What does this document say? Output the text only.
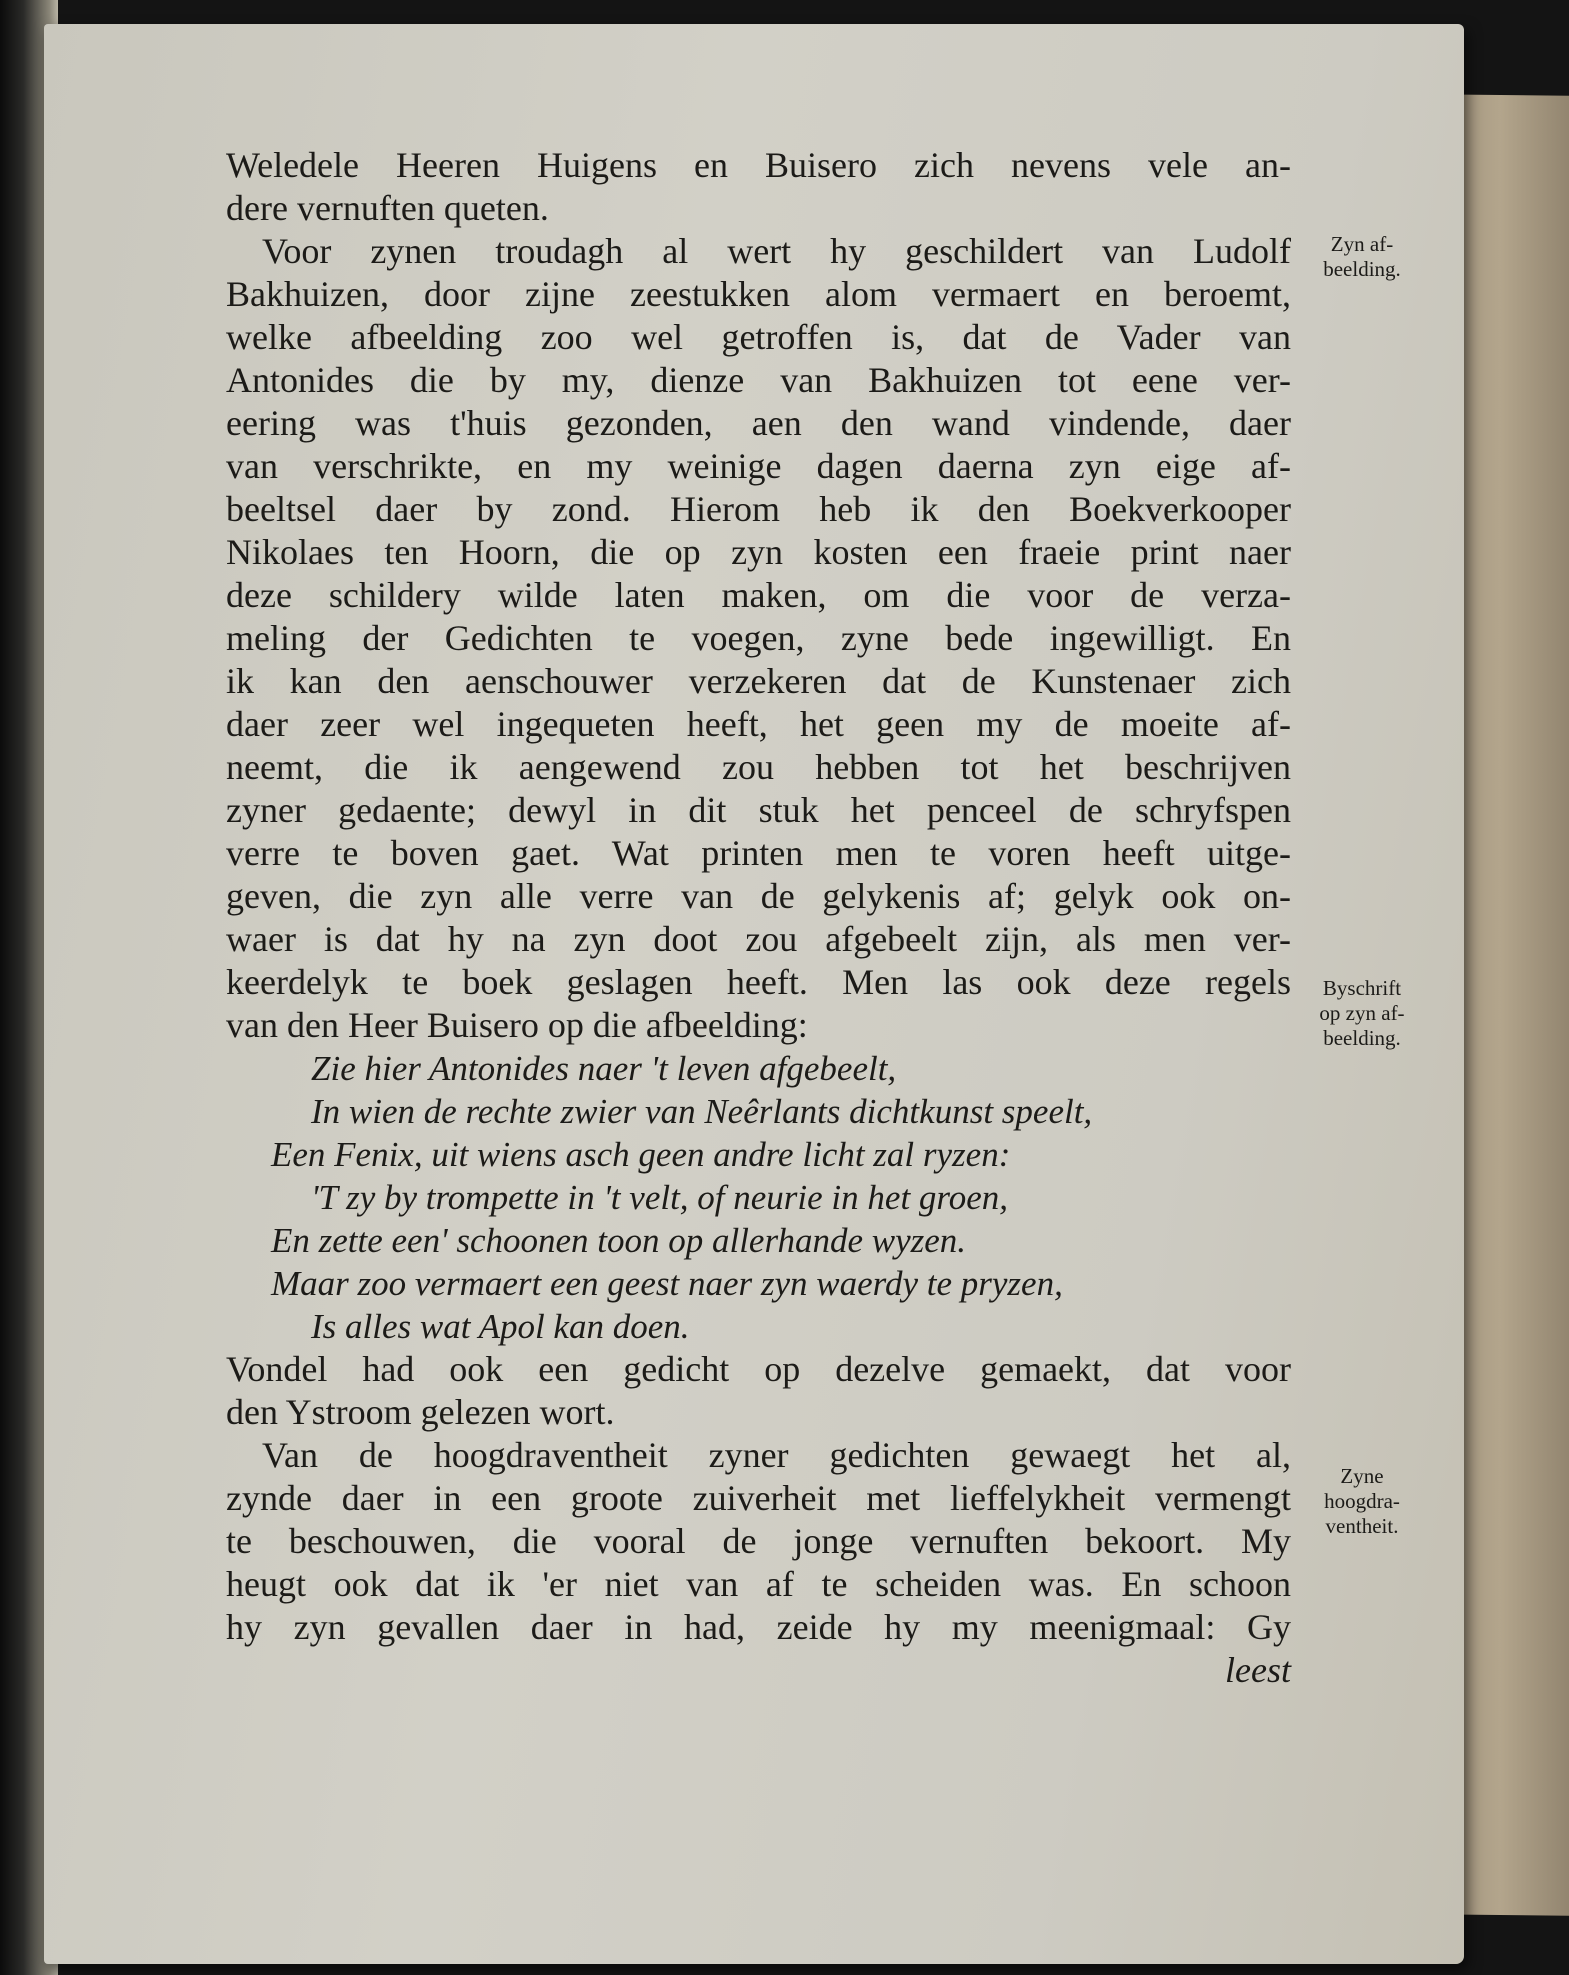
Weledele Heeren Huigens en Buisero zich nevens vele an-
dere vernuften queten.
Voor zynen troudagh al wert hy geschildert van Ludolf
Bakhuizen, door zijne zeestukken alom vermaert en beroemt,
welke afbeelding zoo wel getroffen is, dat de Vader van
Antonides die by my, dienze van Bakhuizen tot eene ver-
eering was t'huis gezonden, aen den wand vindende, daer
van verschrikte, en my weinige dagen daerna zyn eige af-
beeltsel daer by zond. Hierom heb ik den Boekverkooper
Nikolaes ten Hoorn, die op zyn kosten een fraeie print naer
deze schildery wilde laten maken, om die voor de verza-
meling der Gedichten te voegen, zyne bede ingewilligt. En
ik kan den aenschouwer verzekeren dat de Kunstenaer zich
daer zeer wel ingequeten heeft, het geen my de moeite af-
neemt, die ik aengewend zou hebben tot het beschrijven
zyner gedaente; dewyl in dit stuk het penceel de schryfspen
verre te boven gaet. Wat printen men te voren heeft uitge-
geven, die zyn alle verre van de gelykenis af; gelyk ook on-
waer is dat hy na zyn doot zou afgebeelt zijn, als men ver-
keerdelyk te boek geslagen heeft. Men las ook deze regels
van den Heer Buisero op die afbeelding:
Zie hier Antonides naer 't leven afgebeelt,
In wien de rechte zwier van Neêrlants dichtkunst speelt,
Een Fenix, uit wiens asch geen andre licht zal ryzen:
'T zy by trompette in 't velt, of neurie in het groen,
En zette een' schoonen toon op allerhande wyzen.
Maar zoo vermaert een geest naer zyn waerdy te pryzen,
Is alles wat Apol kan doen.
Vondel had ook een gedicht op dezelve gemaekt, dat voor
den Ystroom gelezen wort.
Van de hoogdraventheit zyner gedichten gewaegt het al,
zynde daer in een groote zuiverheit met lieffelykheit vermengt
te beschouwen, die vooral de jonge vernuften bekoort. My
heugt ook dat ik 'er niet van af te scheiden was. En schoon
hy zyn gevallen daer in had, zeide hy my meenigmaal: Gy
leest
Zyn af-
beelding.
Byschrift
op zyn af-
beelding.
Zyne
hoogdra-
ventheit.
